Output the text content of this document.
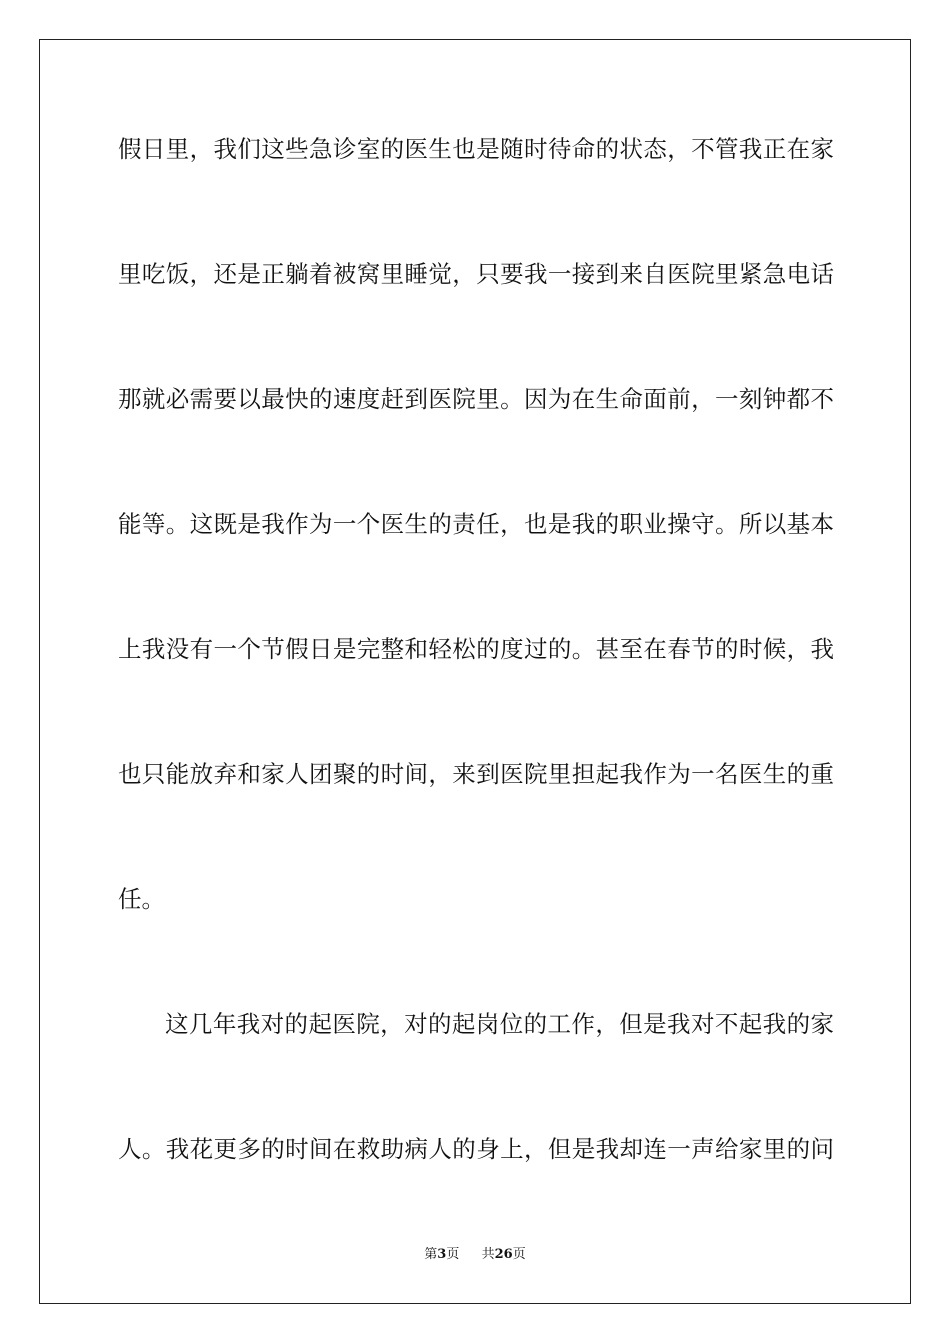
假日里，我们这些急诊室的医生也是随时待命的状态，不管我正在家
里吃饭，还是正躺着被窝里睡觉，只要我一接到来自医院里紧急电话
那就必需要以最快的速度赶到医院里。因为在生命面前，一刻钟都不
能等。这既是我作为一个医生的责任，也是我的职业操守。所以基本
上我没有一个节假日是完整和轻松的度过的。甚至在春节的时候，我
也只能放弃和家人团聚的时间，来到医院里担起我作为一名医生的重
任。
这几年我对的起医院，对的起岗位的工作，但是我对不起我的家
人。我花更多的时间在救助病人的身上，但是我却连一声给家里的问
第3页 共26页
